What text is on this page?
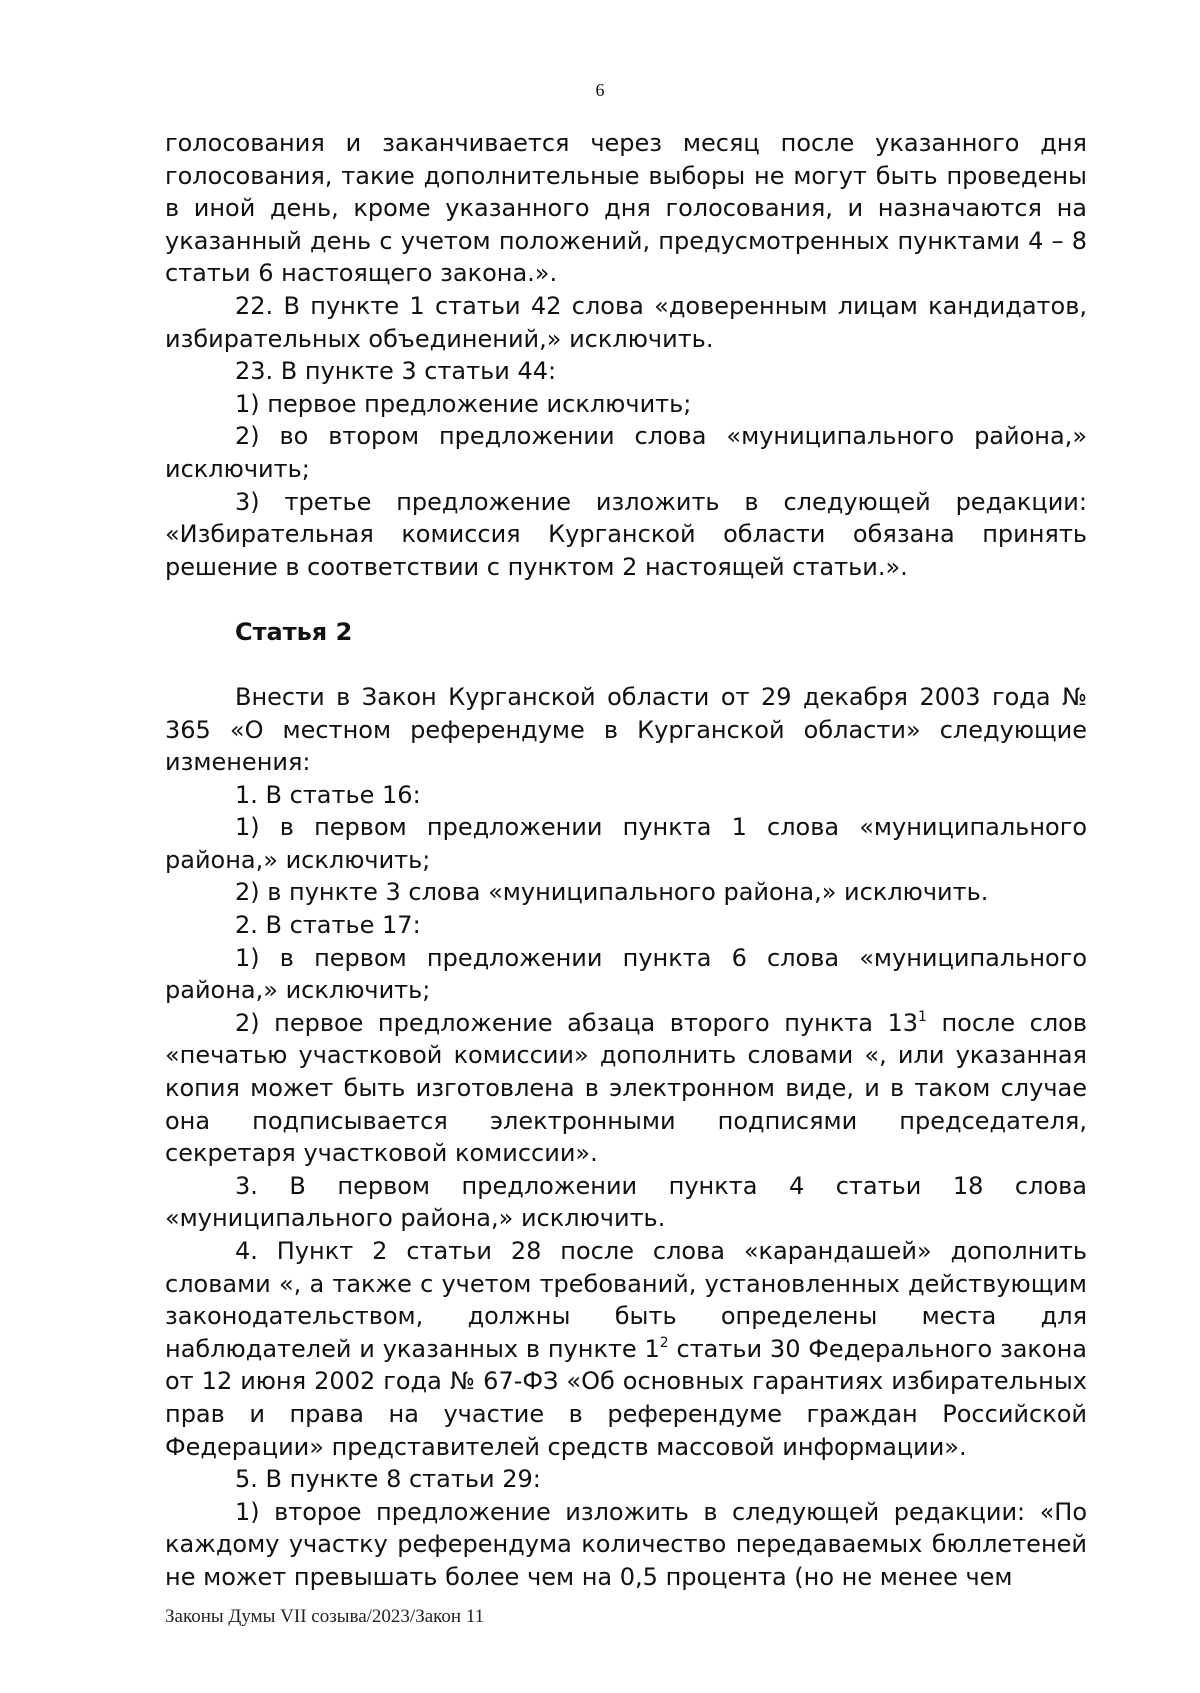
6

голосования и заканчивается через месяц после указанного дня голосования, такие дополнительные выборы не могут быть проведены в иной день, кроме указанного дня голосования, и назначаются на указанный день с учетом положений, предусмотренных пунктами 4 – 8 статьи 6 настоящего закона.».

22. В пункте 1 статьи 42 слова «доверенным лицам кандидатов, избирательных объединений,» исключить.

23. В пункте 3 статьи 44:

1) первое предложение исключить;

2) во втором предложении слова «муниципального района,» исключить;

3) третье предложение изложить в следующей редакции: «Избирательная комиссия Курганской области обязана принять решение в соответствии с пунктом 2 настоящей статьи.».

Статья 2

Внести в Закон Курганской области от 29 декабря 2003 года № 365 «О местном референдуме в Курганской области» следующие изменения:

1. В статье 16:

1) в первом предложении пункта 1 слова «муниципального района,» исключить;

2) в пункте 3 слова «муниципального района,» исключить.

2. В статье 17:

1) в первом предложении пункта 6 слова «муниципального района,» исключить;

2) первое предложение абзаца второго пункта $13^1$ после слов «печатью участковой комиссии» дополнить словами «, или указанная копия может быть изготовлена в электронном виде, и в таком случае она подписывается электронными подписями председателя, секретаря участковой комиссии».

3. В первом предложении пункта 4 статьи 18 слова «муниципального района,» исключить.

4. Пункт 2 статьи 28 после слова «карандашей» дополнить словами «, а также с учетом требований, установленных действующим законодательством, должны быть определены места для наблюдателей и указанных в пункте $1^2$ статьи 30 Федерального закона от 12 июня 2002 года № 67-ФЗ «Об основных гарантиях избирательных прав и права на участие в референдуме граждан Российской Федерации» представителей средств массовой информации».

5. В пункте 8 статьи 29:

1) второе предложение изложить в следующей редакции: «По каждому участку референдума количество передаваемых бюллетеней не может превышать более чем на 0,5 процента (но не менее чем

Законы Думы VII созыва/2023/Закон 11
